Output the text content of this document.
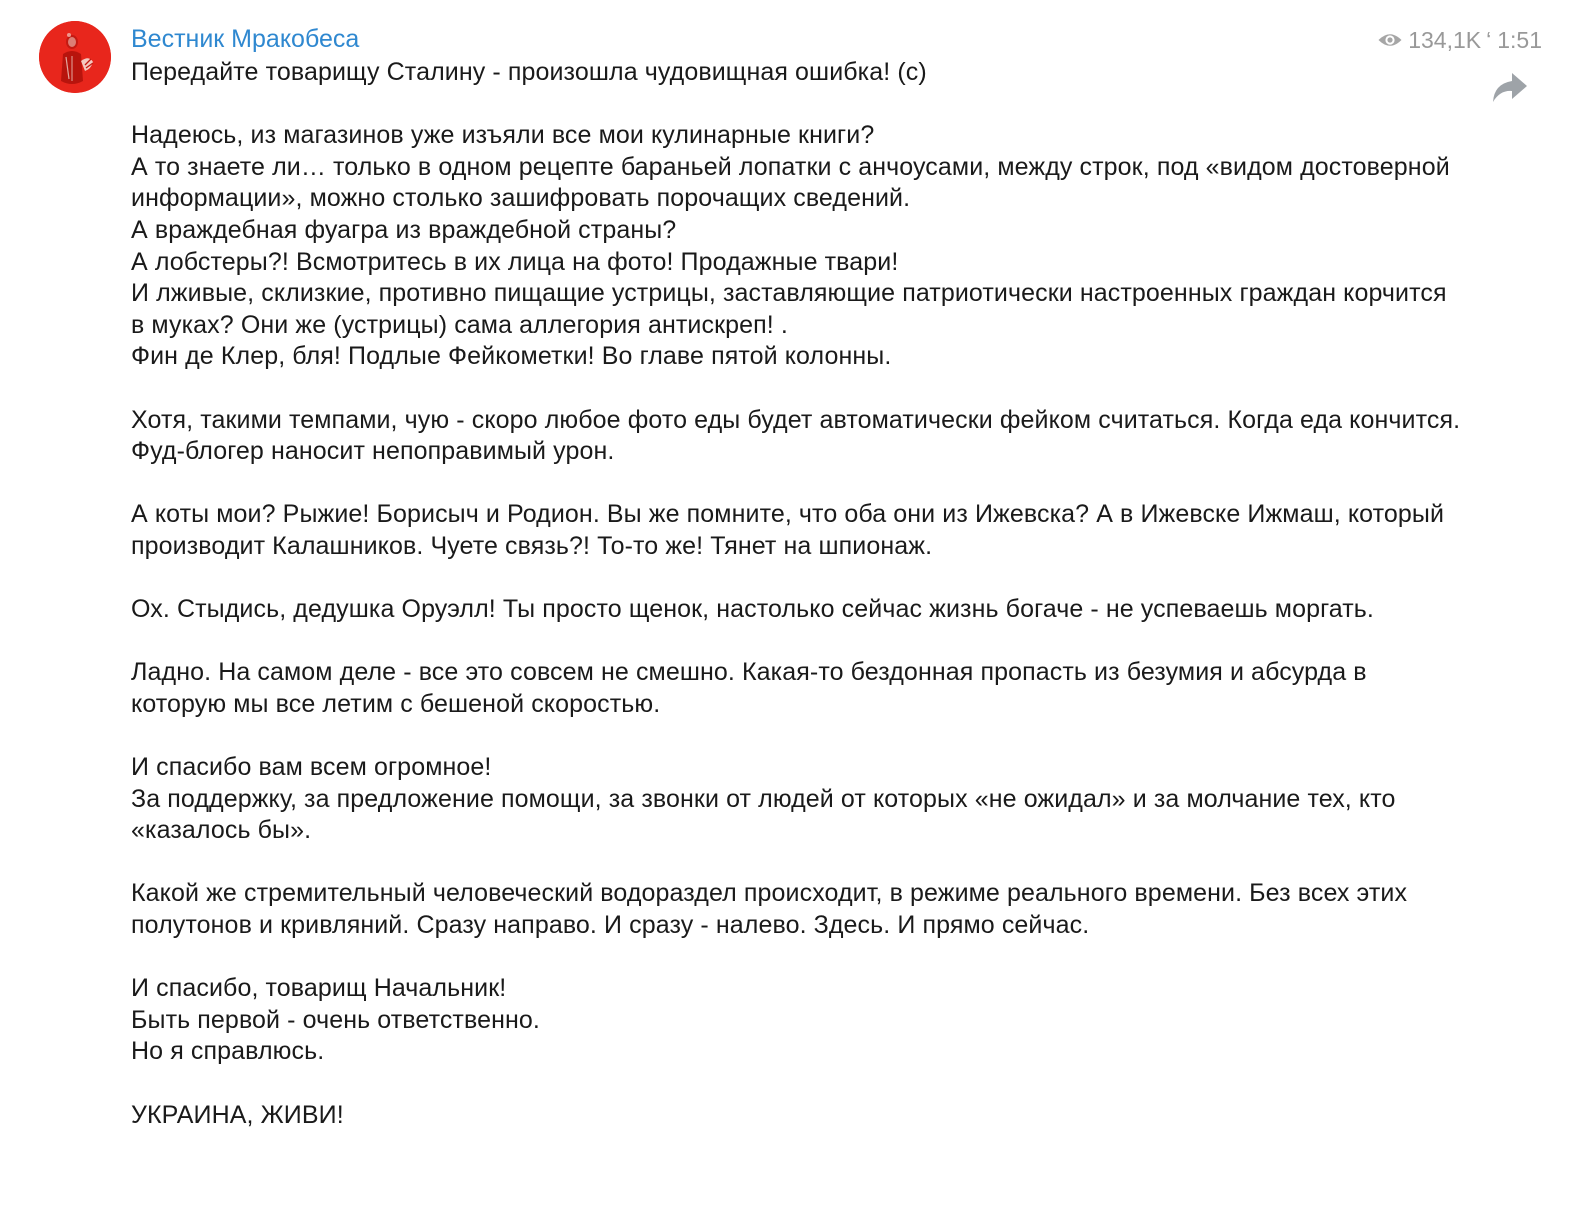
Вестник Мракобеса
Передайте товарищу Сталину - произошла чудовищная ошибка! (с)

Надеюсь, из магазинов уже изъяли все мои кулинарные книги?
А то знаете ли… только в одном рецепте бараньей лопатки с анчоусами, между строк, под «видом достоверной информации», можно столько зашифровать порочащих сведений.
А враждебная фуагра из враждебной страны?
А лобстеры?! Всмотритесь в их лица на фото! Продажные твари!
И лживые, склизкие, противно пищащие устрицы, заставляющие патриотически настроенных граждан корчится в муках? Они же (устрицы) сама аллегория антискреп! .
Фин де Клер, бля! Подлые Фейкометки! Во главе пятой колонны.

Хотя, такими темпами, чую - скоро любое фото еды будет автоматически фейком считаться. Когда еда кончится.
Фуд-блогер наносит непоправимый урон.

А коты мои? Рыжие! Борисыч и Родион. Вы же помните, что оба они из Ижевска? А в Ижевске Ижмаш, который производит Калашников. Чуете связь?! То-то же! Тянет на шпионаж.

Ох. Стыдись, дедушка Оруэлл! Ты просто щенок, настолько сейчас жизнь богаче - не успеваешь моргать.

Ладно. На самом деле - все это совсем не смешно. Какая-то бездонная пропасть из безумия и абсурда в которую мы все летим с бешеной скоростью.

И спасибо вам всем огромное!
За поддержку, за предложение помощи, за звонки от людей от которых «не ожидал» и за молчание тех, кто «казалось бы».

Какой же стремительный человеческий водораздел происходит, в режиме реального времени. Без всех этих полутонов и кривляний. Сразу направо. И сразу - налево. Здесь. И прямо сейчас.

И спасибо, товарищ Начальник!
Быть первой - очень ответственно.
Но я справлюсь.

УКРАИНА, ЖИВИ!
134,1K ‘ 1:51
